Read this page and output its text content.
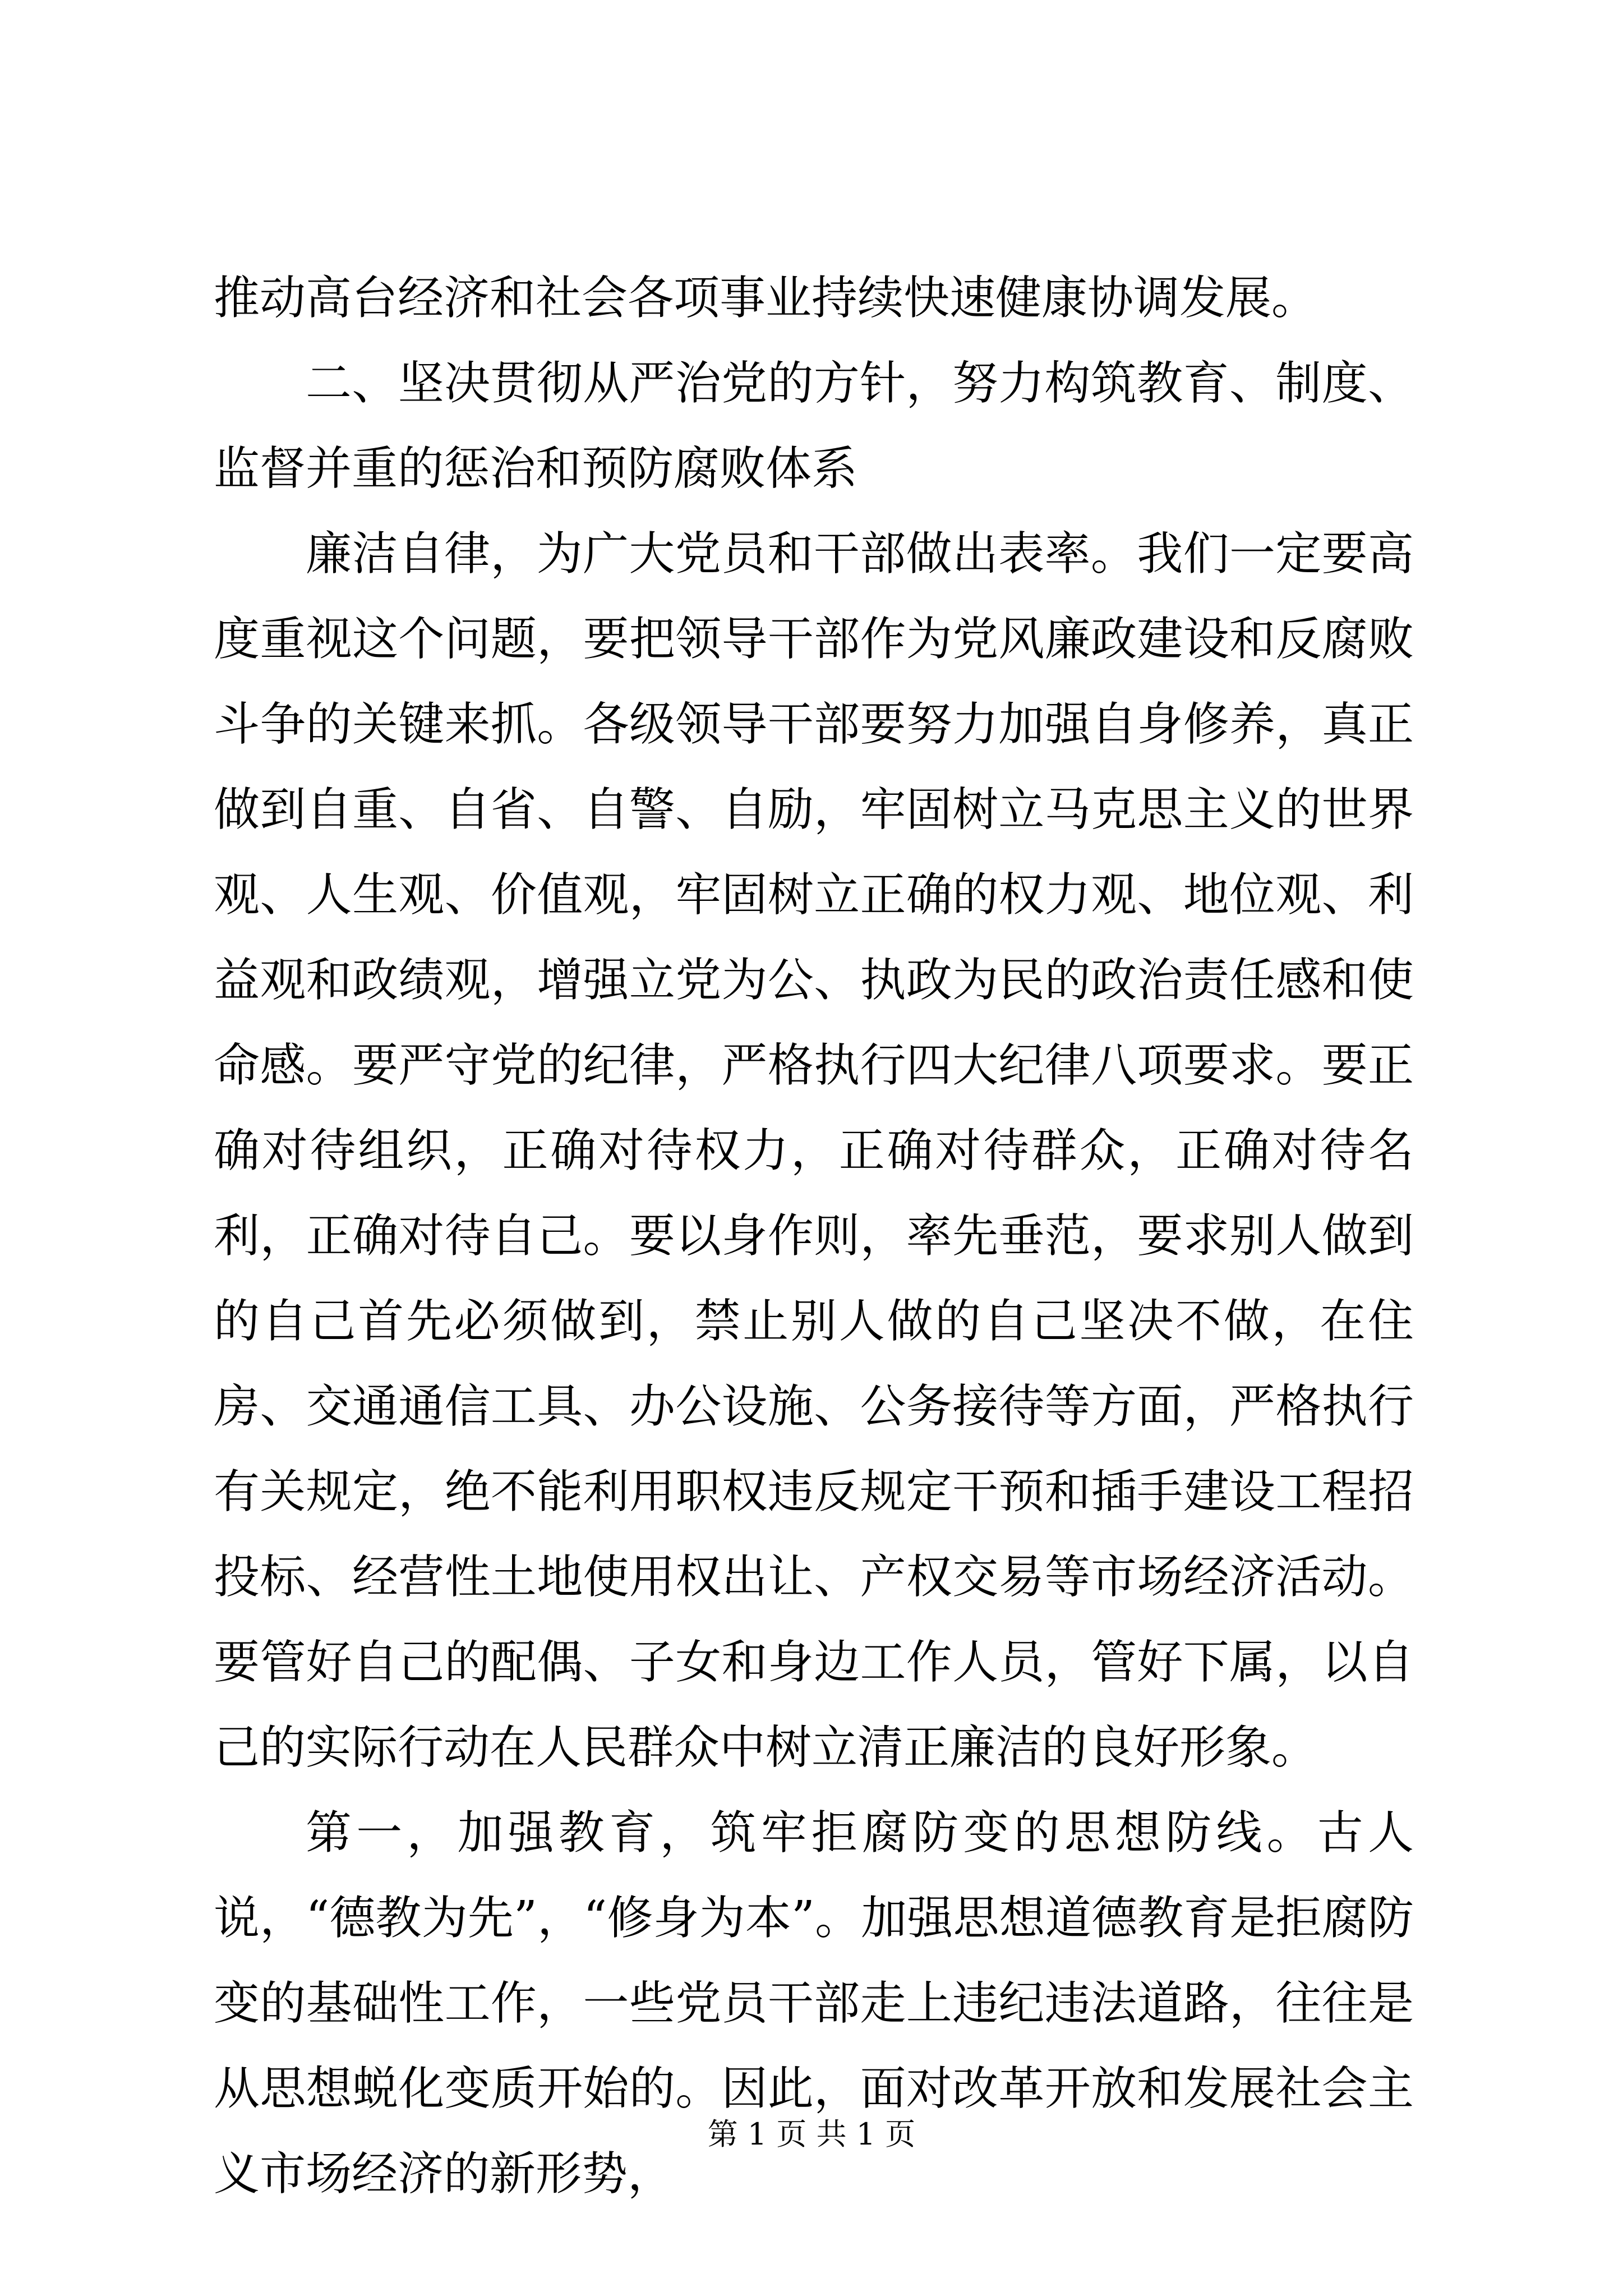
推动高台经济和社会各项事业持续快速健康协调发展。

二、坚决贯彻从严治党的方针，努力构筑教育、制度、监督并重的惩治和预防腐败体系

廉洁自律，为广大党员和干部做出表率。我们一定要高度重视这个问题，要把领导干部作为党风廉政建设和反腐败斗争的关键来抓。各级领导干部要努力加强自身修养，真正做到自重、自省、自警、自励，牢固树立马克思主义的世界观、人生观、价值观，牢固树立正确的权力观、地位观、利益观和政绩观，增强立党为公、执政为民的政治责任感和使命感。要严守党的纪律，严格执行四大纪律八项要求。要正确对待组织，正确对待权力，正确对待群众，正确对待名利，正确对待自己。要以身作则，率先垂范，要求别人做到的自己首先必须做到，禁止别人做的自己坚决不做，在住房、交通通信工具、办公设施、公务接待等方面，严格执行有关规定，绝不能利用职权违反规定干预和插手建设工程招投标、经营性土地使用权出让、产权交易等市场经济活动。要管好自己的配偶、子女和身边工作人员，管好下属，以自己的实际行动在人民群众中树立清正廉洁的良好形象。

第一，加强教育，筑牢拒腐防变的思想防线。古人说，“德教为先”，“修身为本”。加强思想道德教育是拒腐防变的基础性工作，一些党员干部走上违纪违法道路，往往是从思想蜕化变质开始的。因此，面对改革开放和发展社会主义市场经济的新形势，

第 1 页 共 1 页
